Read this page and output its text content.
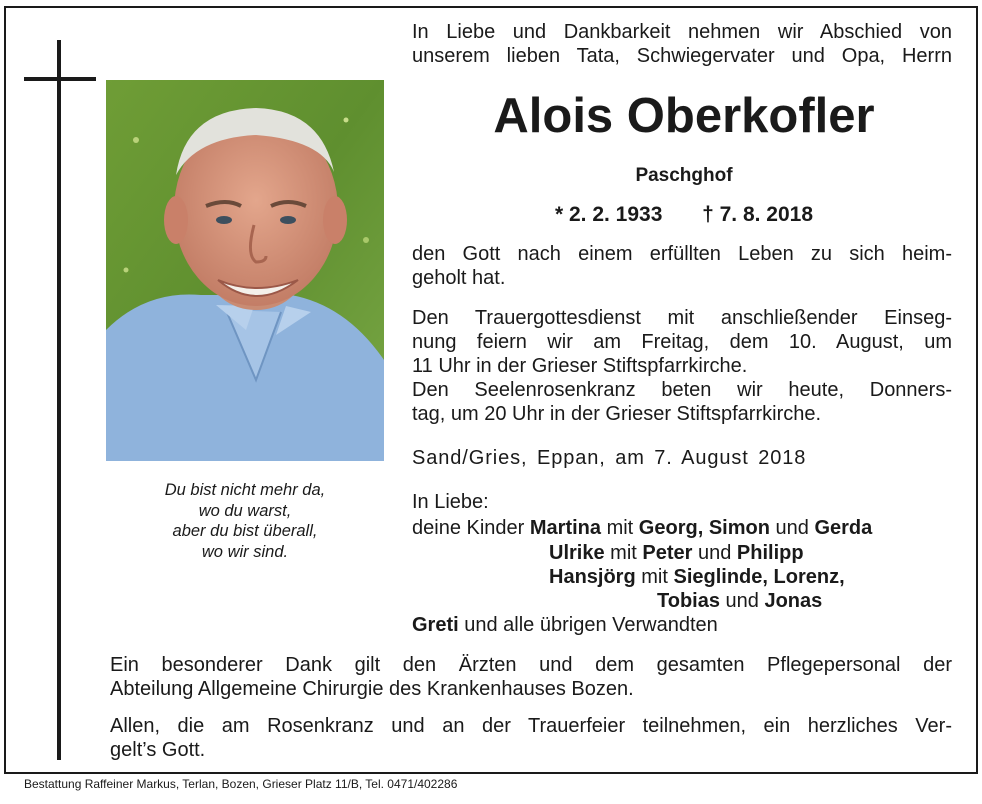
Du bist nicht mehr da,
wo du warst,
aber du bist überall,
wo wir sind.
In Liebe und Dankbarkeit nehmen wir Abschied von
unserem lieben Tata, Schwiegervater und Opa, Herrn
Alois Oberkofler
Paschghof
* 2. 2. 1933 † 7. 8. 2018
den Gott nach einem erfüllten Leben zu sich heim-
geholt hat.
Den Trauergottesdienst mit anschließender Einseg-
nung feiern wir am Freitag, dem 10. August, um
11 Uhr in der Grieser Stiftspfarrkirche.
Den Seelenrosenkranz beten wir heute, Donners-
tag, um 20 Uhr in der Grieser Stiftspfarrkirche.
Sand/Gries, Eppan, am 7. August 2018
In Liebe:
deine Kinder Martina mit Georg, Simon und Gerda
Ulrike mit Peter und Philipp
Hansjörg mit Sieglinde, Lorenz,
Tobias und Jonas
Greti und alle übrigen Verwandten
Ein besonderer Dank gilt den Ärzten und dem gesamten Pflegepersonal der
Abteilung Allgemeine Chirurgie des Krankenhauses Bozen.
Allen, die am Rosenkranz und an der Trauerfeier teilnehmen, ein herzliches Ver-
gelt’s Gott.
Bestattung Raffeiner Markus, Terlan, Bozen, Grieser Platz 11/B, Tel. 0471/402286
